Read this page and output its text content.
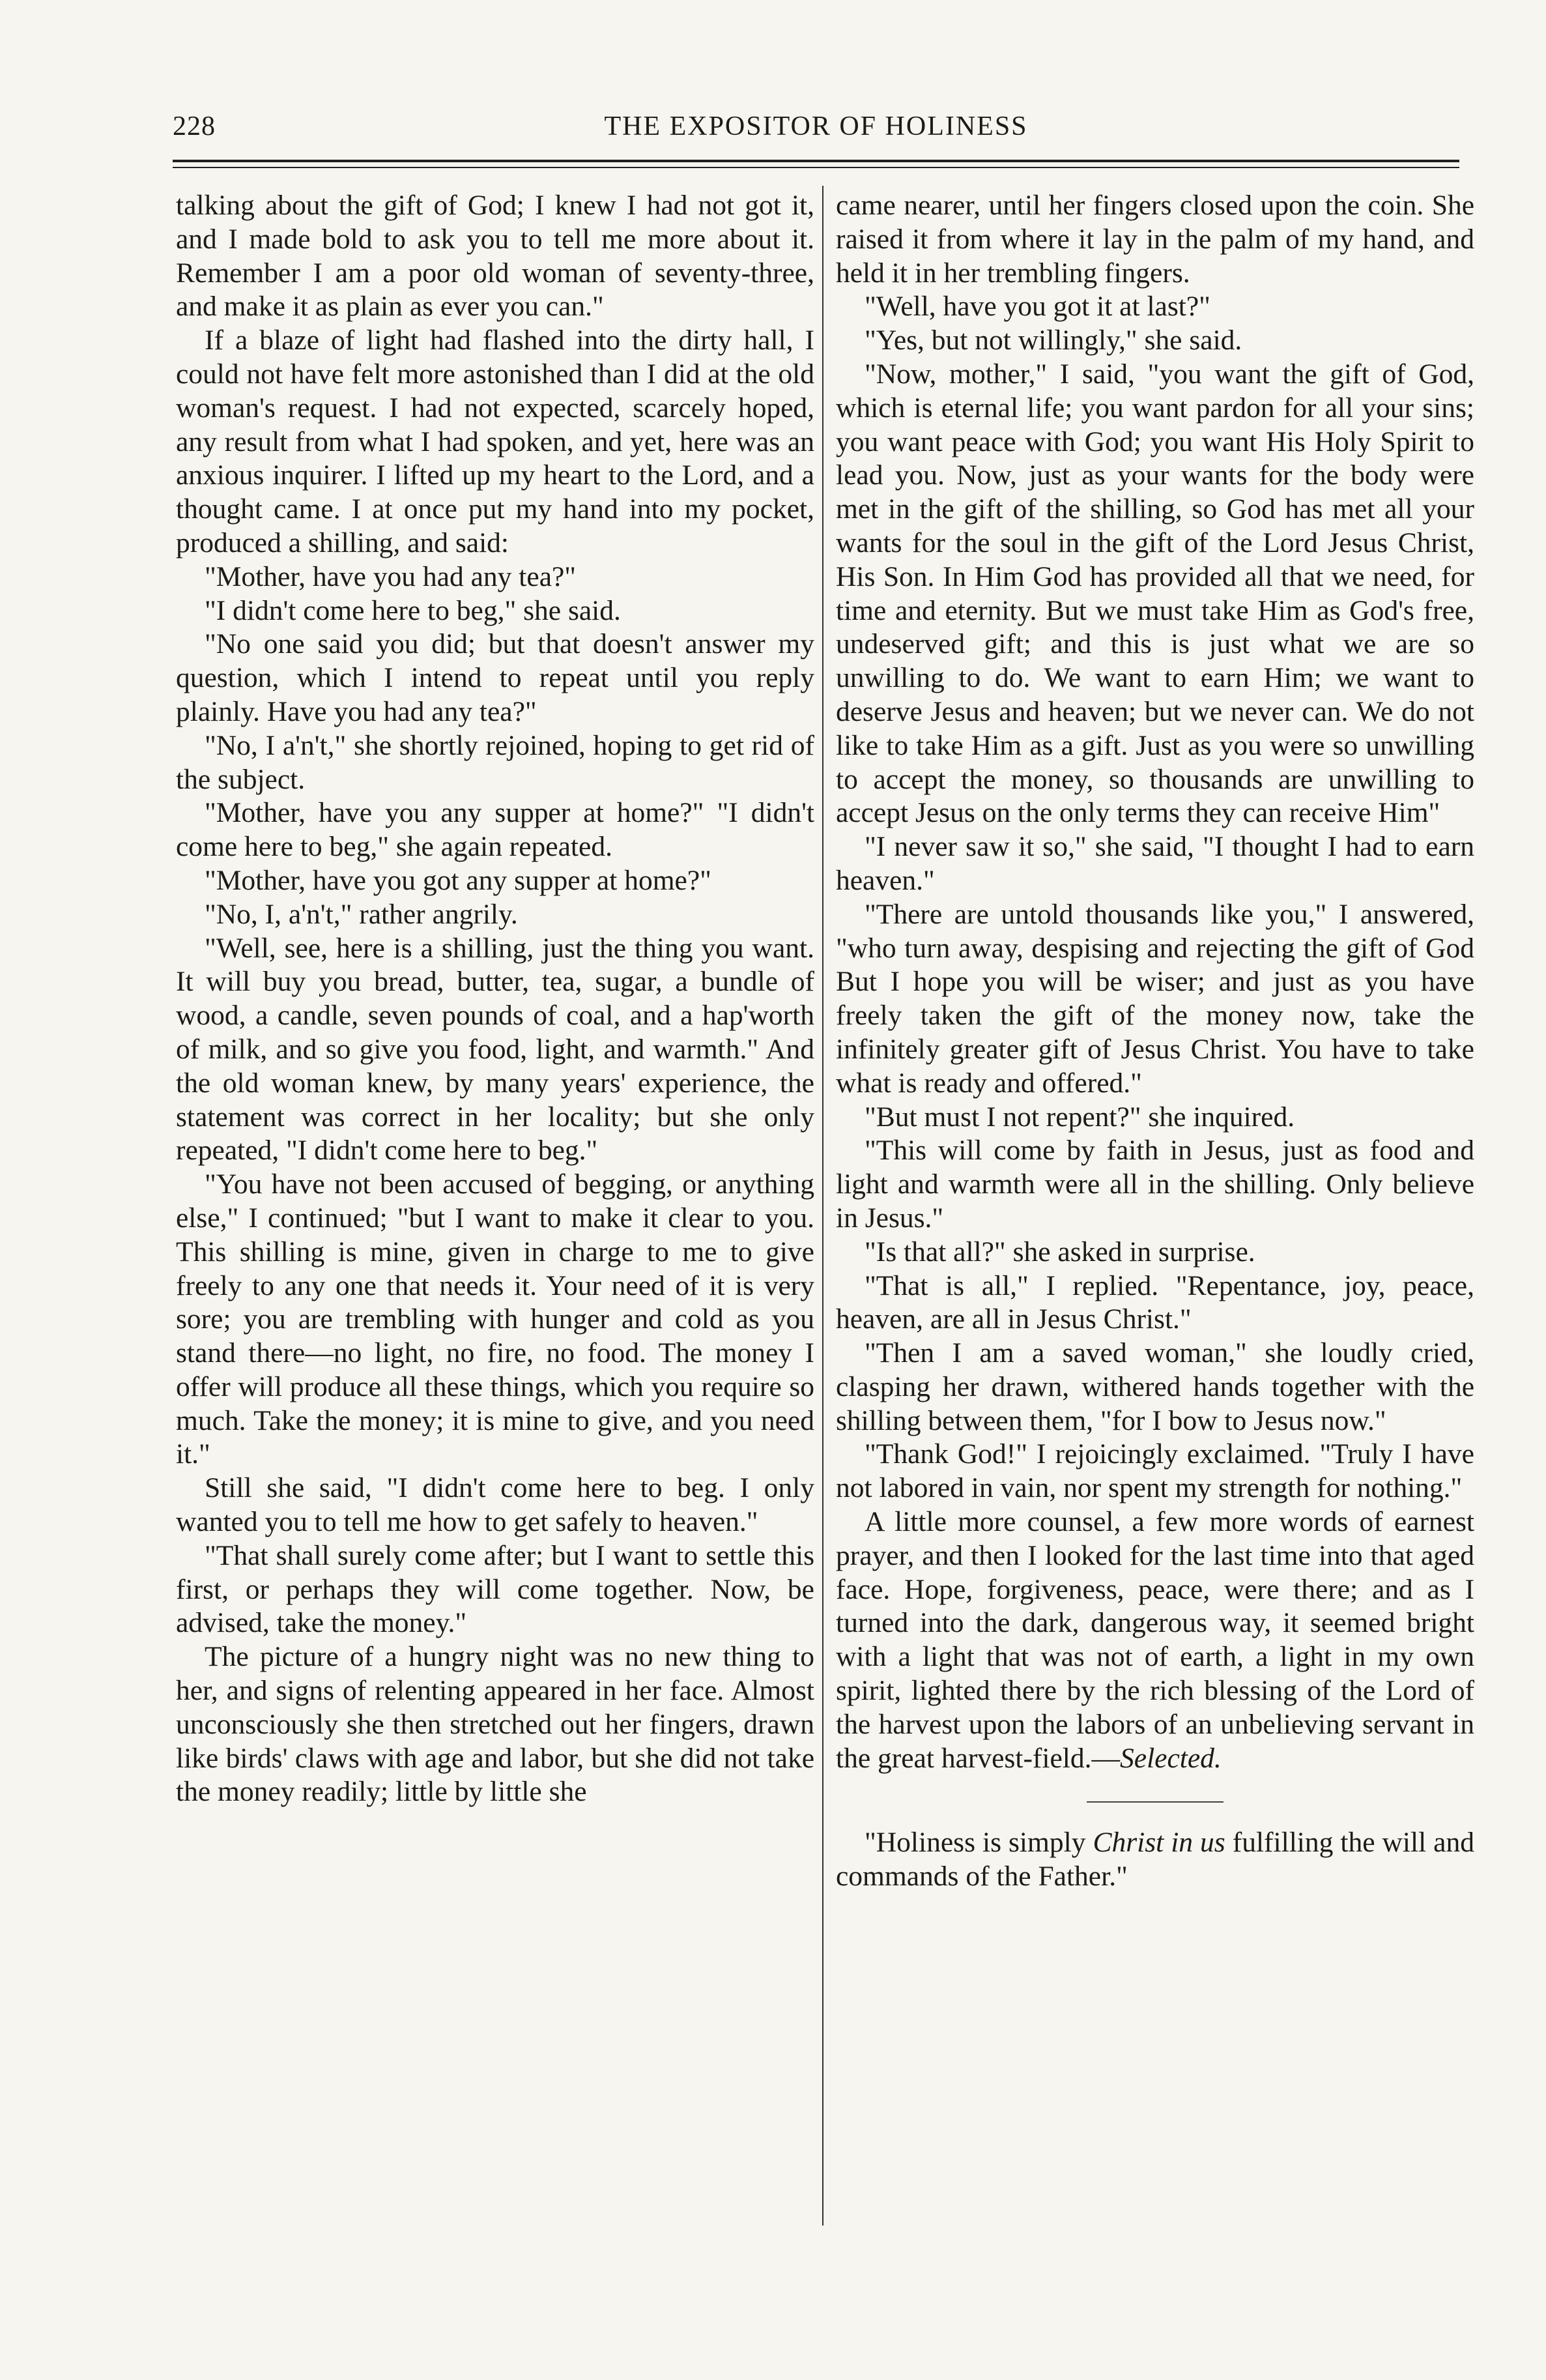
228	THE EXPOSITOR OF HOLINESS

talking about the gift of God; I knew I had not got it, and I made bold to ask you to tell me more about it. Remember I am a poor old woman of seventy-three, and make it as plain as ever you can."

If a blaze of light had flashed into the dirty hall, I could not have felt more astonished than I did at the old woman's request. I had not expected, scarcely hoped, any result from what I had spoken, and yet, here was an anxious inquirer. I lifted up my heart to the Lord, and a thought came. I at once put my hand into my pocket, produced a shilling, and said:

"Mother, have you had any tea?"

"I didn't come here to beg," she said.

"No one said you did; but that doesn't answer my question, which I intend to repeat until you reply plainly. Have you had any tea?"

"No, I a'n't," she shortly rejoined, hoping to get rid of the subject.

"Mother, have you any supper at home?" "I didn't come here to beg," she again repeated.

"Mother, have you got any supper at home?"

"No, I, a'n't," rather angrily.

"Well, see, here is a shilling, just the thing you want. It will buy you bread, butter, tea, sugar, a bundle of wood, a candle, seven pounds of coal, and a hap'worth of milk, and so give you food, light, and warmth." And the old woman knew, by many years' experience, the statement was correct in her locality; but she only repeated, "I didn't come here to beg."

"You have not been accused of begging, or anything else," I continued; "but I want to make it clear to you. This shilling is mine, given in charge to me to give freely to any one that needs it. Your need of it is very sore; you are trembling with hunger and cold as you stand there—no light, no fire, no food. The money I offer will produce all these things, which you require so much. Take the money; it is mine to give, and you need it."

Still she said, "I didn't come here to beg. I only wanted you to tell me how to get safely to heaven."

"That shall surely come after; but I want to settle this first, or perhaps they will come together. Now, be advised, take the money."

The picture of a hungry night was no new thing to her, and signs of relenting appeared in her face. Almost unconsciously she then stretched out her fingers, drawn like birds' claws with age and labor, but she did not take the money readily; little by little she

came nearer, until her fingers closed upon the coin. She raised it from where it lay in the palm of my hand, and held it in her trembling fingers.

"Well, have you got it at last?"

"Yes, but not willingly," she said.

"Now, mother," I said, "you want the gift of God, which is eternal life; you want pardon for all your sins; you want peace with God; you want His Holy Spirit to lead you. Now, just as your wants for the body were met in the gift of the shilling, so God has met all your wants for the soul in the gift of the Lord Jesus Christ, His Son. In Him God has provided all that we need, for time and eternity. But we must take Him as God's free, undeserved gift; and this is just what we are so unwilling to do. We want to earn Him; we want to deserve Jesus and heaven; but we never can. We do not like to take Him as a gift. Just as you were so unwilling to accept the money, so thousands are unwilling to accept Jesus on the only terms they can receive Him"

"I never saw it so," she said, "I thought I had to earn heaven."

"There are untold thousands like you," I answered, "who turn away, despising and rejecting the gift of God But I hope you will be wiser; and just as you have freely taken the gift of the money now, take the infinitely greater gift of Jesus Christ. You have to take what is ready and offered."

"But must I not repent?" she inquired.

"This will come by faith in Jesus, just as food and light and warmth were all in the shilling. Only believe in Jesus."

"Is that all?" she asked in surprise.

"That is all," I replied. "Repentance, joy, peace, heaven, are all in Jesus Christ."

"Then I am a saved woman," she loudly cried, clasping her drawn, withered hands together with the shilling between them, "for I bow to Jesus now."

"Thank God!" I rejoicingly exclaimed. "Truly I have not labored in vain, nor spent my strength for nothing."

A little more counsel, a few more words of earnest prayer, and then I looked for the last time into that aged face. Hope, forgiveness, peace, were there; and as I turned into the dark, dangerous way, it seemed bright with a light that was not of earth, a light in my own spirit, lighted there by the rich blessing of the Lord of the harvest upon the labors of an unbelieving servant in the great harvest-field.—Selected.

"Holiness is simply Christ in us fulfilling the will and commands of the Father."
